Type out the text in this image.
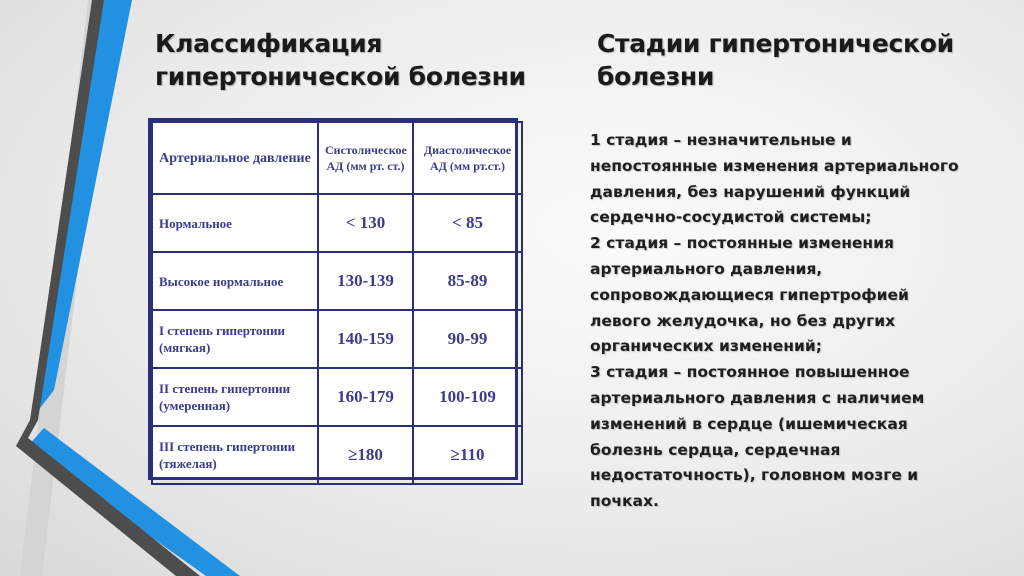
Классификация
гипертонической болезни
Стадии гипертонической
болезни
Артериальное давление	Систолическое АД (мм рт. ст.)	Диастолическое АД (мм рт.ст.)
Нормальное	< 130	< 85
Высокое нормальное	130-139	85-89
I степень гипертонии (мягкая)	140-159	90-99
II степень гипертонии (умеренная)	160-179	100-109
III степень гипертонии (тяжелая)	≥180	≥110

1 стадия – незначительные и
непостоянные изменения артериального
давления, без нарушений функций
сердечно-сосудистой системы;

2 стадия – постоянные изменения
артериального давления,
сопровождающиеся гипертрофией
левого желудочка, но без других
органических изменений;

3 стадия – постоянное повышенное
артериального давления с наличием
изменений в сердце (ишемическая
болезнь сердца, сердечная
недостаточность), головном мозге и
почках.
